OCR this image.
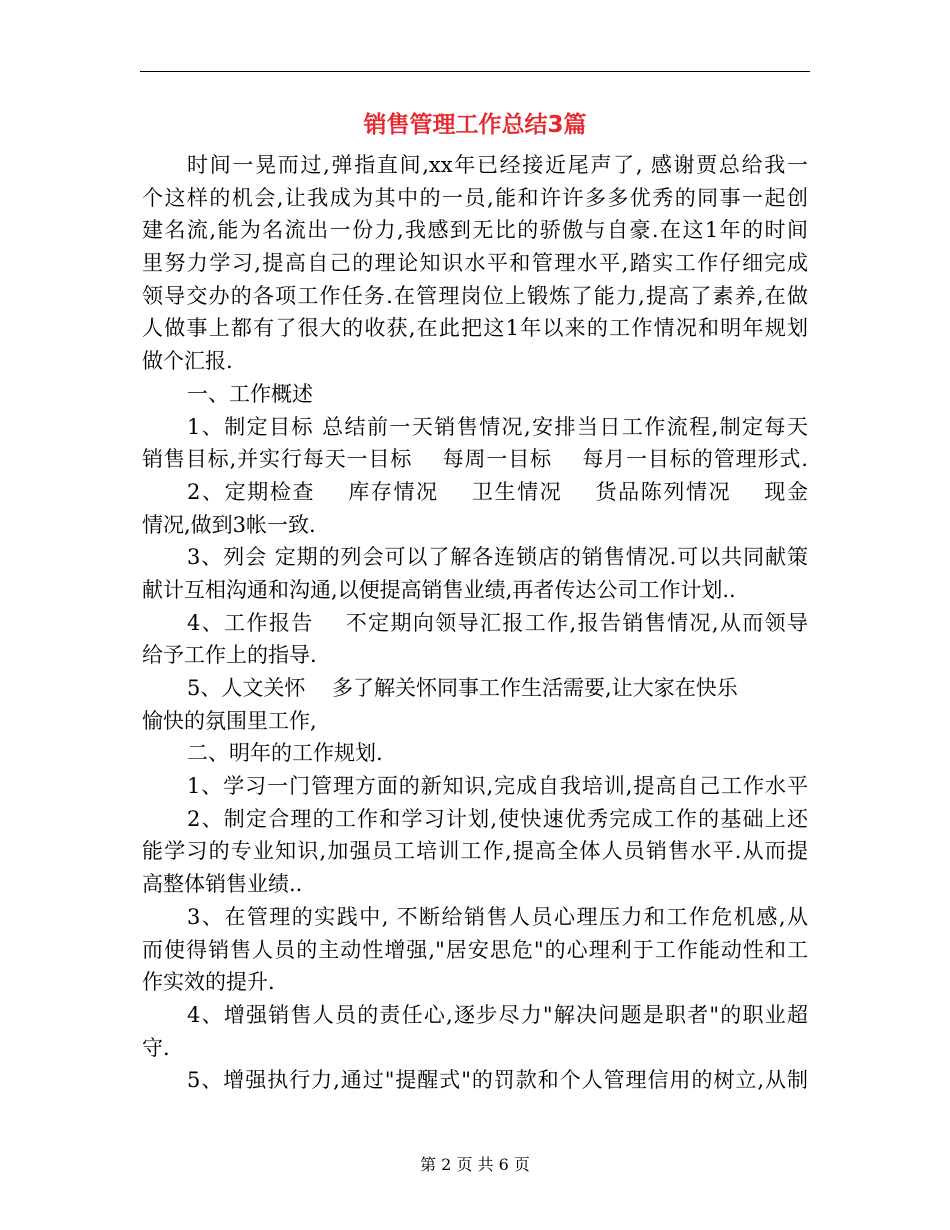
销售管理工作总结3篇
时间一晃而过,弹指直间,xx年已经接近尾声了, 感谢贾总给我一
个这样的机会,让我成为其中的一员,能和许许多多优秀的同事一起创
建名流,能为名流出一份力,我感到无比的骄傲与自豪.在这1年的时间
里努力学习,提高自己的理论知识水平和管理水平,踏实工作仔细完成
领导交办的各项工作任务.在管理岗位上锻炼了能力,提高了素养,在做
人做事上都有了很大的收获,在此把这1年以来的工作情况和明年规划
做个汇报.
一、工作概述
1、制定目标 总结前一天销售情况,安排当日工作流程,制定每天
销售目标,并实行每天一目标    每周一目标    每月一目标的管理形式.
2、定期检查    库存情况    卫生情况    货品陈列情况    现金
情况,做到3帐一致.
3、列会 定期的列会可以了解各连锁店的销售情况.可以共同献策
献计互相沟通和沟通,以便提高销售业绩,再者传达公司工作计划..
4、工作报告    不定期向领导汇报工作,报告销售情况,从而领导
给予工作上的指导.
5、人文关怀    多了解关怀同事工作生活需要,让大家在快乐
愉快的氛围里工作,
二、明年的工作规划.
1、学习一门管理方面的新知识,完成自我培训,提高自己工作水平
2、制定合理的工作和学习计划,使快速优秀完成工作的基础上还
能学习的专业知识,加强员工培训工作,提高全体人员销售水平.从而提
高整体销售业绩..
3、在管理的实践中, 不断给销售人员心理压力和工作危机感,从
而使得销售人员的主动性增强,"居安思危"的心理利于工作能动性和工
作实效的提升.
4、增强销售人员的责任心,逐步尽力"解决问题是职者"的职业超
守.
5、增强执行力,通过"提醒式"的罚款和个人管理信用的树立,从制
第 2 页 共 6 页
